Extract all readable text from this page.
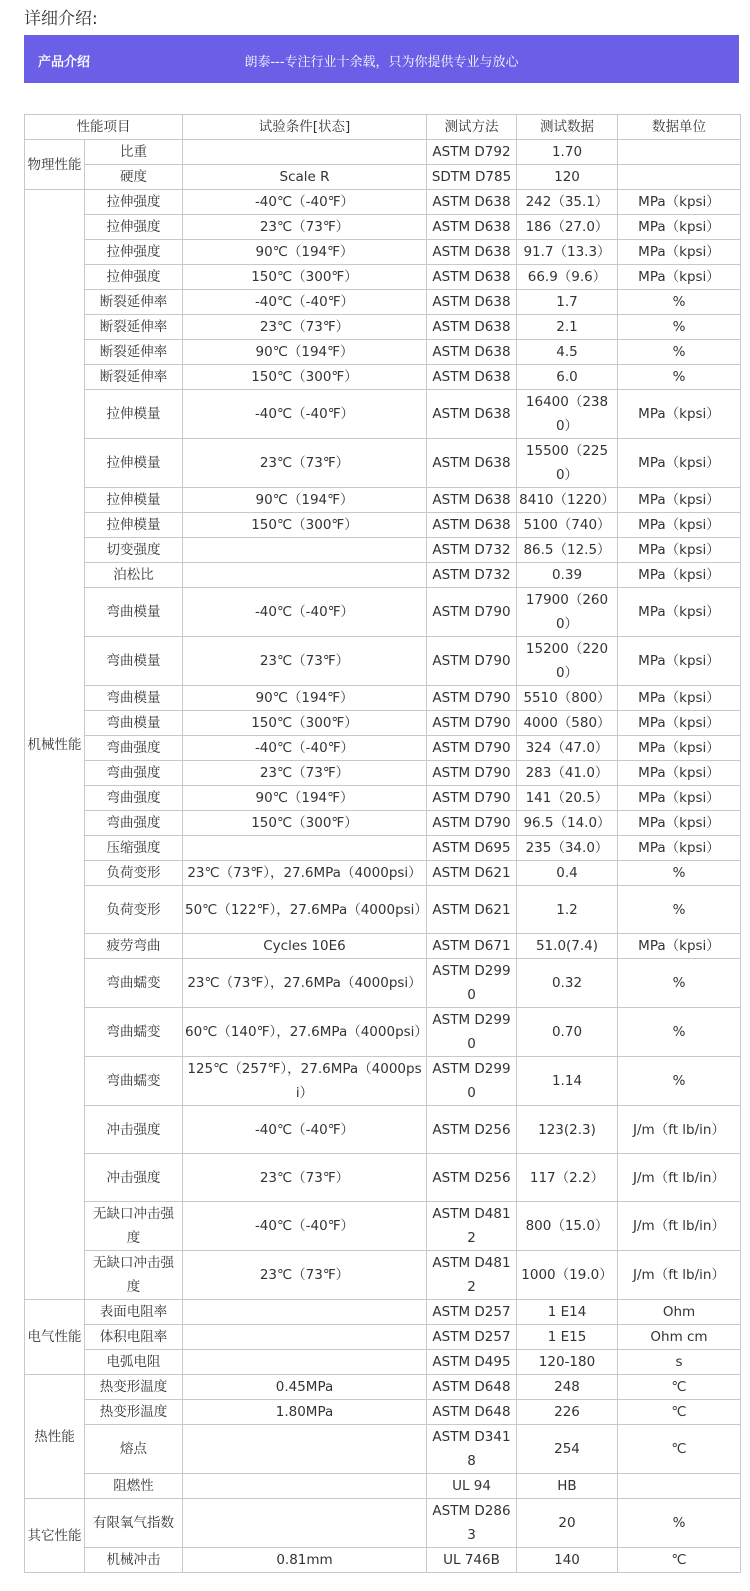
详细介绍:
产品介绍	朗泰---专注行业十余载，只为你提供专业与放心
性能项目		试验条件[状态]	测试方法	测试数据	数据单位
物理性能	比重		ASTM D792	1.70	
	硬度	Scale R	SDTM D785	120	
机械性能	拉伸强度	-40℃（-40℉）	ASTM D638	242（35.1）	MPa（kpsi）
	拉伸强度	23℃（73℉）	ASTM D638	186（27.0）	MPa（kpsi）
	拉伸强度	90℃（194℉）	ASTM D638	91.7（13.3）	MPa（kpsi）
	拉伸强度	150℃（300℉）	ASTM D638	66.9（9.6）	MPa（kpsi）
	断裂延伸率	-40℃（-40℉）	ASTM D638	1.7	%
	断裂延伸率	23℃（73℉）	ASTM D638	2.1	%
	断裂延伸率	90℃（194℉）	ASTM D638	4.5	%
	断裂延伸率	150℃（300℉）	ASTM D638	6.0	%
	拉伸模量	-40℃（-40℉）	ASTM D638	16400（2380）	MPa（kpsi）
	拉伸模量	23℃（73℉）	ASTM D638	15500（2250）	MPa（kpsi）
	拉伸模量	90℃（194℉）	ASTM D638	8410（1220）	MPa（kpsi）
	拉伸模量	150℃（300℉）	ASTM D638	5100（740）	MPa（kpsi）
	切变强度		ASTM D732	86.5（12.5）	MPa（kpsi）
	泊松比		ASTM D732	0.39	MPa（kpsi）
	弯曲模量	-40℃（-40℉）	ASTM D790	17900（2600）	MPa（kpsi）
	弯曲模量	23℃（73℉）	ASTM D790	15200（2200）	MPa（kpsi）
	弯曲模量	90℃（194℉）	ASTM D790	5510（800）	MPa（kpsi）
	弯曲模量	150℃（300℉）	ASTM D790	4000（580）	MPa（kpsi）
	弯曲强度	-40℃（-40℉）	ASTM D790	324（47.0）	MPa（kpsi）
	弯曲强度	23℃（73℉）	ASTM D790	283（41.0）	MPa（kpsi）
	弯曲强度	90℃（194℉）	ASTM D790	141（20.5）	MPa（kpsi）
	弯曲强度	150℃（300℉）	ASTM D790	96.5（14.0）	MPa（kpsi）
	压缩强度		ASTM D695	235（34.0）	MPa（kpsi）
	负荷变形	23℃（73℉），27.6MPa（4000psi）	ASTM D621	0.4	%
	负荷变形	50℃（122℉），27.6MPa（4000psi）	ASTM D621	1.2	%
	疲劳弯曲	Cycles 10E6	ASTM D671	51.0(7.4)	MPa（kpsi）
	弯曲蠕变	23℃（73℉），27.6MPa（4000psi）	ASTM D2990	0.32	%
	弯曲蠕变	60℃（140℉），27.6MPa（4000psi）	ASTM D2990	0.70	%
	弯曲蠕变	125℃（257℉），27.6MPa（4000psi）	ASTM D2990	1.14	%
	冲击强度	-40℃（-40℉）	ASTM D256	123(2.3)	J/m（ft lb/in）
	冲击强度	23℃（73℉）	ASTM D256	117（2.2）	J/m（ft lb/in）
	无缺口冲击强度	-40℃（-40℉）	ASTM D4812	800（15.0）	J/m（ft lb/in）
	无缺口冲击强度	23℃（73℉）	ASTM D4812	1000（19.0）	J/m（ft lb/in）
电气性能	表面电阻率		ASTM D257	1 E14	Ohm
	体积电阻率		ASTM D257	1 E15	Ohm cm
	电弧电阻		ASTM D495	120-180	s
热性能	热变形温度	0.45MPa	ASTM D648	248	℃
	热变形温度	1.80MPa	ASTM D648	226	℃
	熔点		ASTM D3418	254	℃
	阻燃性		UL 94	HB	
其它性能	有限氧气指数		ASTM D2863	20	%
	机械冲击	0.81mm	UL 746B	140	℃
